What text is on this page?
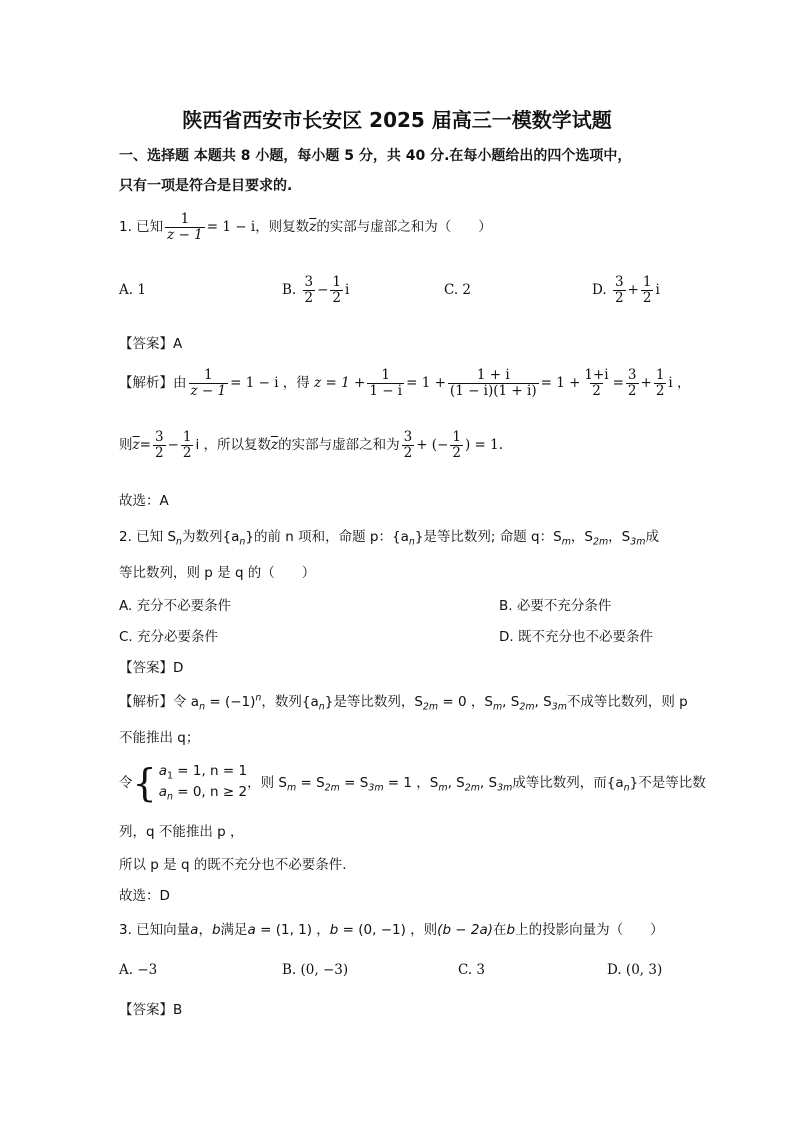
陕西省西安市长安区 2025 届高三一模数学试题
一、选择题 本题共 8 小题，每小题 5 分，共 40 分.在每小题给出的四个选项中，
只有一项是符合是目要求的.
1. 已知 $\frac{1}{z - 1} = 1 - i$，则复数$\overline{z}$的实部与虚部之和为（　　）
A. 1	B. $\frac{3}{2} - \frac{1}{2}$ i	C. 2	D. $\frac{3}{2} + \frac{1}{2}$ i
【答案】A
【解析】由 $\frac{1}{z - 1} = 1 - i$ ，得 $z = 1 + \frac{1}{1 - i} = 1 + \frac{1 + i}{(1 - i)(1 + i)} = 1 + \frac{1+i}{2} = \frac{3}{2} + \frac{1}{2}$ i ，
则$\overline{z}= \frac{3}{2} - \frac{1}{2}$ i ，所以复数$\overline{z}$的实部与虚部之和为 $\frac{3}{2}$ + (− $\frac{1}{2}$ ) = 1.
故选：A
2. 已知 $S_n$为数列$\{a_n\}$的前 n 项和，命题 p：$\{a_n\}$是等比数列; 命题 q：$S_m$，$S_{2m}$，$S_{3m}$成
等比数列，则 p 是 q 的（　　）
A. 充分不必要条件	B. 必要不充分条件
C. 充分必要条件	D. 既不充分也不必要条件
【答案】D
【解析】令 $a_n = (-1)^n$，数列$\{a_n\}$是等比数列，$S_{2m} = 0$ ，$S_m$, $S_{2m}$, $S_{3m}$不成等比数列，则 p
不能推出 q；
令 { $a_1 = 1$, n = 1
$a_n = 0$, n ≥ 2
，则 $S_m = S_{2m} = S_{3m} = 1$ ，$S_m$, $S_{2m}$, $S_{3m}$成等比数列，而$\{a_n\}$不是等比数
列，q 不能推出 p ，
所以 p 是 q 的既不充分也不必要条件.
故选：D
3. 已知向量a，b满足a = (1, 1) ，b = (0, −1) ，则(b − 2a)在b上的投影向量为（　　）
A. −3	B. (0, −3)	C. 3	D. (0, 3)
【答案】B
